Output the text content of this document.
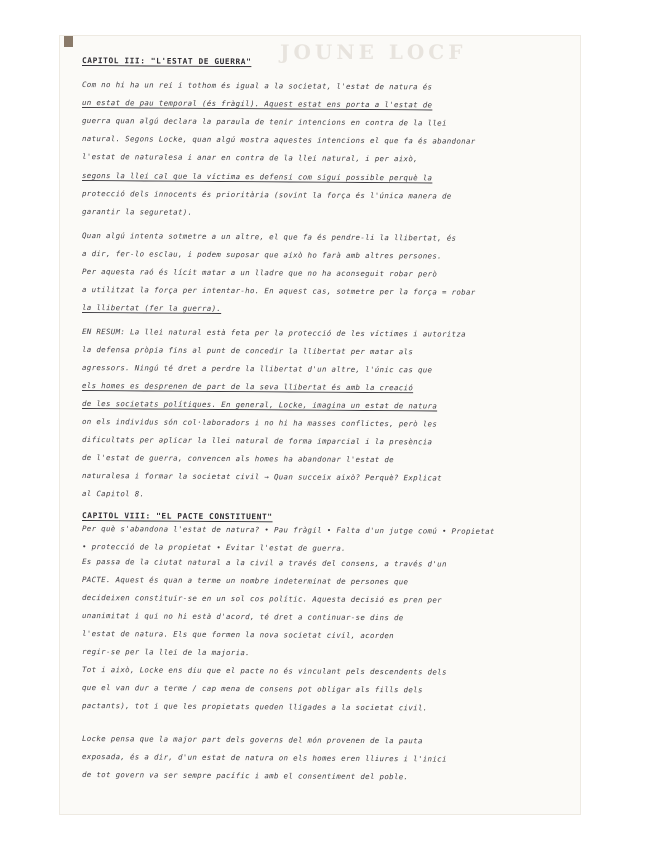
JOUNE LOCF

CAPITOL III: "L'ESTAT DE GUERRA"

Com no hi ha un rei i tothom és igual a la societat, l'estat de natura és

un estat de pau temporal (és fràgil). Aquest estat ens porta a l'estat de

guerra quan algú declara la paraula de tenir intencions en contra de la llei

natural. Segons Locke, quan algú mostra aquestes intencions el que fa és abandonar

l'estat de naturalesa i anar en contra de la llei natural, i per això,

segons la llei cal que la víctima es defensi com sigui possible perquè la

protecció dels innocents és prioritària (sovint la força és l'única manera de

garantir la seguretat).

Quan algú intenta sotmetre a un altre, el que fa és pendre-li la llibertat, és

a dir, fer-lo esclau, i podem suposar que això ho farà amb altres persones.

Per aquesta raó és lícit matar a un lladre que no ha aconseguit robar però

a utilitzat la força per intentar-ho. En aquest cas, sotmetre per la força = robar

la llibertat (fer la guerra).

EN RESUM: La llei natural està feta per la protecció de les víctimes i autoritza

la defensa pròpia fins al punt de concedir la llibertat per matar als

agressors. Ningú té dret a perdre la llibertat d'un altre, l'únic cas que

els homes es desprenen de part de la seva llibertat és amb la creació

de les societats polítiques. En general, Locke, imagina un estat de natura

on els individus són col·laboradors i no hi ha masses conflictes, però les

dificultats per aplicar la llei natural de forma imparcial i la presència

de l'estat de guerra, convencen als homes ha abandonar l'estat de

naturalesa i formar la societat civil → Quan succeix això? Perquè? Explicat

al Capitol 8.

CAPITOL VIII: "EL PACTE CONSTITUENT"

Per què s'abandona l'estat de natura? • Pau fràgil • Falta d'un jutge comú • Propietat

• protecció de la propietat • Evitar l'estat de guerra.

Es passa de la ciutat natural a la civil a través del consens, a través d'un

PACTE. Aquest és quan a terme un nombre indeterminat de persones que

decideixen constituir-se en un sol cos polític. Aquesta decisió es pren per

unanimitat i qui no hi està d'acord, té dret a continuar-se dins de

l'estat de natura. Els que formen la nova societat civil, acorden

regir-se per la llei de la majoria.

Tot i això, Locke ens diu que el pacte no és vinculant pels descendents dels

que el van dur a terme / cap mena de consens pot obligar als fills dels

pactants), tot i que les propietats queden lligades a la societat civil.

Locke pensa que la major part dels governs del món provenen de la pauta

exposada, és a dir, d'un estat de natura on els homes eren lliures i l'inici

de tot govern va ser sempre pacífic i amb el consentiment del poble.
